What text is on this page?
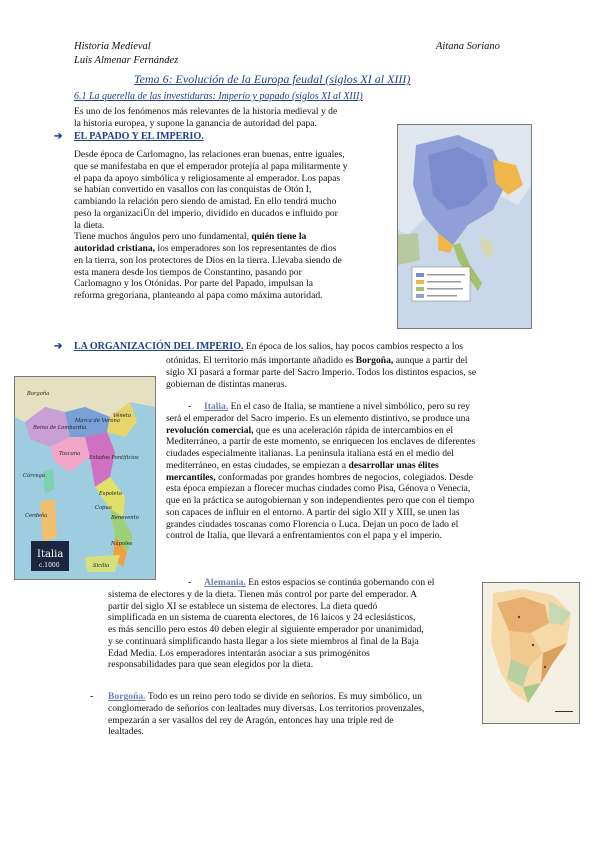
Historia Medieval	Aitana Soriano
Luis Almenar Fernández
Tema 6: Evolución de la Europa feudal (siglos XI al XIII)
6.1 La querella de las investiduras: Imperio y papado (siglos XI al XIII)

Es uno de los fenómenos más relevantes de la historia medieval y de

la historia europea, y supone la ganancia de autoridad del papa.

➔ EL PAPADO Y EL IMPERIO.

Desde época de Carlomagno, las relaciones eran buenas, entre iguales,

que se manifestaba en que el emperador protejía al papa militarmente y

el papa da apoyo simbólica y religiosamente al emperador. Los papas

se habían convertido en vasallos con las conquistas de Otón I,

cambiando la relación pero siendo de amistad. En ello tendrá mucho

peso la organizaciÜn del imperio, dividido en ducados e influido por

la dieta.

Tiene muchos ángulos pero uno fundamental, quién tiene la

autoridad cristiana, los emperadores son los representantes de dios

en la tierra, son los protectores de Dios en la tierra. Llevaba siendo de

esta manera desde los tiempos de Constantino, pasando por

Carlomagno y los Otónidas. Por parte del Papado, impulsan la

reforma gregoriana, planteando al papa como máxima autoridad.

➔ LA ORGANIZACIÓN DEL IMPERIO. En época de los salios, hay pocos cambios respecto a los

otónidas. El territorio más importante añadido es Borgoña, aunque a partir del

siglo XI pasará a formar parte del Sacro Imperio. Todos los distintos espacios, se

gobiernan de distintas maneras.

Italia
c.1000
Borgoña
Reino de Lombardía
Marca de Verona
Véneto
Toscana
Estados Pontificios
Córcega
Cerdeña
Espoleto
Benevento
Capua
Nápoles
Sicilia
-	Italia. En el caso de Italia, se mantiene a nivel simbólico, pero su rey

será el emperador del Sacro imperio. Es un elemento distintivo, se produce una

revolución comercial, que es una aceleración rápida de intercambios en el

Mediterráneo, a partir de este momento, se enriquecen los enclaves de diferentes

ciudades especialmente italianas. La península italiana está en el medio del

mediterráneo, en estas ciudades, se empiezan a desarrollar unas élites

mercantiles, conformadas por grandes hombres de negocios, colegiados. Desde

esta época empiezan a florecer muchas ciudades como Pisa, Génova o Venecia,

que en la práctica se autogobiernan y son independientes pero que con el tiempo

son capaces de influir en el entorno. A partir del siglo XII y XIII, se unen las

grandes ciudades toscanas como Florencia o Luca. Dejan un poco de lado el

control de Italia, que llevará a enfrentamientos con el papa y el imperio.

-	Alemania. En estos espacios se continúa gobernando con el

sistema de electores y de la dieta. Tienen más control por parte del emperador. A

partir del siglo XI se establece un sistema de electores. La dieta quedó

simplificada en un sistema de cuarenta electores, de 16 laicos y 24 eclesiásticos,

es más sencillo pero estos 40 deben elegir al siguiente emperador por unanimidad,

y se continuará simplificando hasta llegar a los siete miembros al final de la Baja

Edad Media. Los emperadores intentarán asociar a sus primogénitos

responsabilidades para que sean elegidos por la dieta.

- Borgoña. Todo es un reino pero todo se divide en señoríos. Es muy simbólico, un

conglomerado de señoríos con lealtades muy diversas. Los territorios provenzales,

empezarán a ser vasallos del rey de Aragón, entonces hay una triple red de

lealtades.
